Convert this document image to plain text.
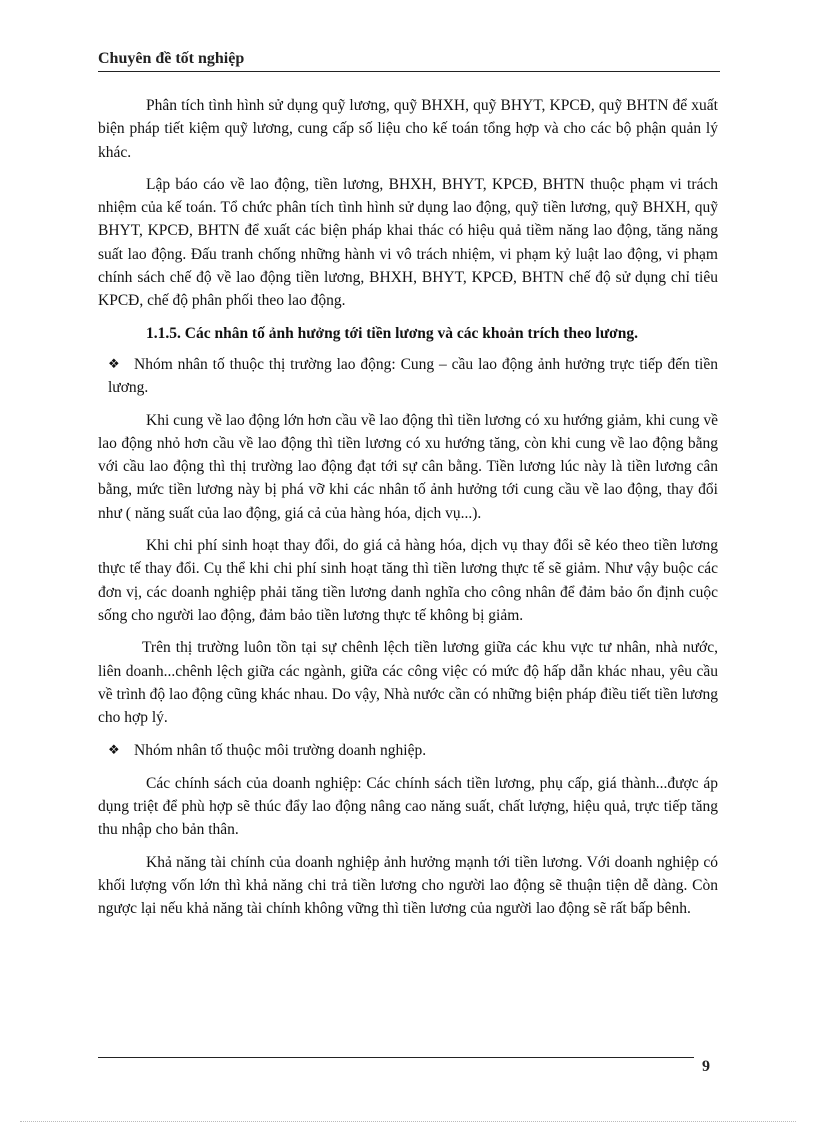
Chuyên đề tốt nghiệp

Phân tích tình hình sử dụng quỹ lương, quỹ BHXH, quỹ BHYT, KPCĐ, quỹ BHTN để xuất biện pháp tiết kiệm quỹ lương, cung cấp số liệu cho kế toán tổng hợp và cho các bộ phận quản lý khác.

Lập báo cáo về lao động, tiền lương, BHXH, BHYT, KPCĐ, BHTN thuộc phạm vi trách nhiệm của kế toán. Tổ chức phân tích tình hình sử dụng lao động, quỹ tiền lương, quỹ BHXH, quỹ BHYT, KPCĐ, BHTN để xuất các biện pháp khai thác có hiệu quả tiềm năng lao động, tăng năng suất lao động. Đấu tranh chống những hành vi vô trách nhiệm, vi phạm kỷ luật lao động, vi phạm chính sách chế độ về lao động tiền lương, BHXH, BHYT, KPCĐ, BHTN chế độ sử dụng chỉ tiêu KPCĐ, chế độ phân phối theo lao động.

1.1.5. Các nhân tố ảnh hưởng tới tiền lương và các khoản trích theo lương.

❖ Nhóm nhân tố thuộc thị trường lao động: Cung – cầu lao động ảnh hưởng trực tiếp đến tiền lương.

Khi cung về lao động lớn hơn cầu về lao động thì tiền lương có xu hướng giảm, khi cung về lao động nhỏ hơn cầu về lao động thì tiền lương có xu hướng tăng, còn khi cung về lao động bằng với cầu lao động thì thị trường lao động đạt tới sự cân bằng. Tiền lương lúc này là tiền lương cân bằng, mức tiền lương này bị phá vỡ khi các nhân tố ảnh hưởng tới cung cầu về lao động, thay đổi như ( năng suất của lao động, giá cả của hàng hóa, dịch vụ...).

Khi chi phí sinh hoạt thay đổi, do giá cả hàng hóa, dịch vụ thay đổi sẽ kéo theo tiền lương thực tế thay đổi. Cụ thể khi chi phí sinh hoạt tăng thì tiền lương thực tế sẽ giảm. Như vậy buộc các đơn vị, các doanh nghiệp phải tăng tiền lương danh nghĩa cho công nhân để đảm bảo ổn định cuộc sống cho người lao động, đảm bảo tiền lương thực tế không bị giảm.

Trên thị trường luôn tồn tại sự chênh lệch tiền lương giữa các khu vực tư nhân, nhà nước, liên doanh...chênh lệch giữa các ngành, giữa các công việc có mức độ hấp dẫn khác nhau, yêu cầu về trình độ lao động cũng khác nhau. Do vậy, Nhà nước cần có những biện pháp điều tiết tiền lương cho hợp lý.

❖ Nhóm nhân tố thuộc môi trường doanh nghiệp.

Các chính sách của doanh nghiệp: Các chính sách tiền lương, phụ cấp, giá thành...được áp dụng triệt để phù hợp sẽ thúc đẩy lao động nâng cao năng suất, chất lượng, hiệu quả, trực tiếp tăng thu nhập cho bản thân.

Khả năng tài chính của doanh nghiệp ảnh hưởng mạnh tới tiền lương. Với doanh nghiệp có khối lượng vốn lớn thì khả năng chi trả tiền lương cho người lao động sẽ thuận tiện dễ dàng. Còn ngược lại nếu khả năng tài chính không vững thì tiền lương của người lao động sẽ rất bấp bênh.

9
